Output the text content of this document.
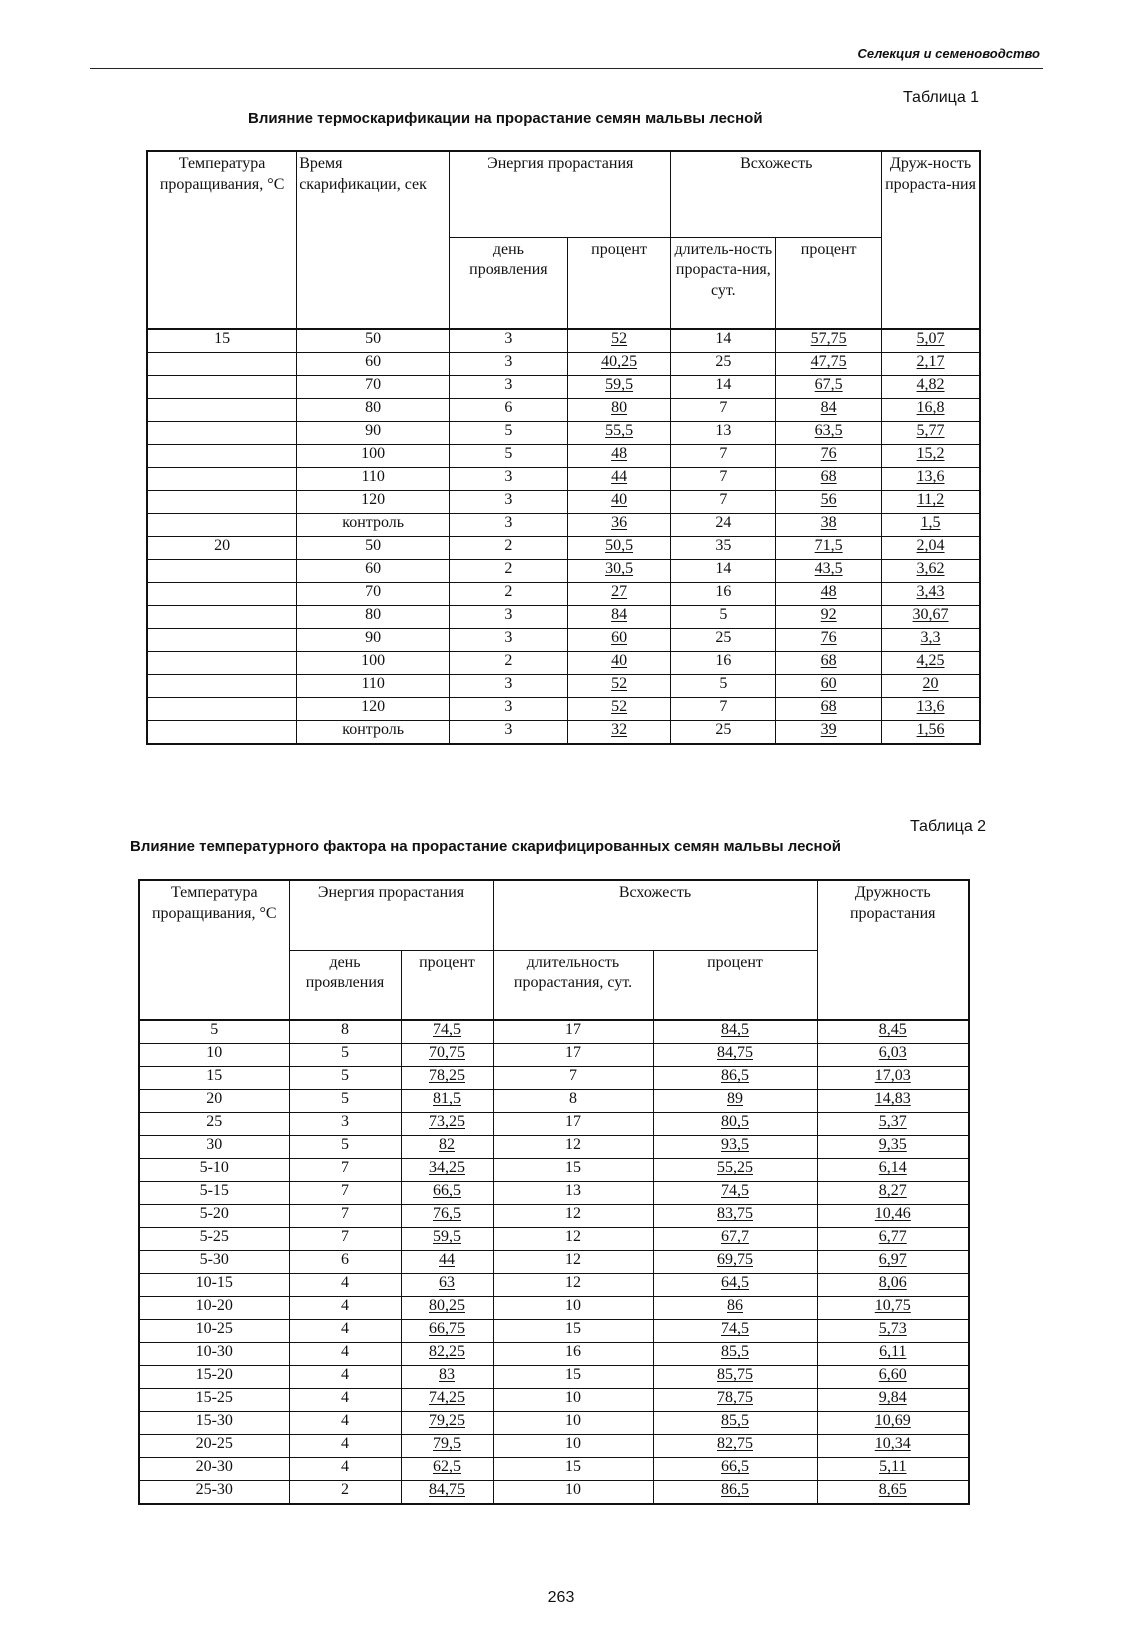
Селекция и семеноводство
Таблица 1
Влияние термоскарификации на прорастание семян мальвы лесной
Температура проращивания, °С	Время скарификации, сек	Энергия прорастания		Всхожесть		Друж-ность прораста-ния
		день проявления	процент	длитель-ность прораста-ния, сут.	процент	
15	50	3	52	14	57,75	5,07
	60	3	40,25	25	47,75	2,17
	70	3	59,5	14	67,5	4,82
	80	6	80	7	84	16,8
	90	5	55,5	13	63,5	5,77
	100	5	48	7	76	15,2
	110	3	44	7	68	13,6
	120	3	40	7	56	11,2
	контроль	3	36	24	38	1,5
20	50	2	50,5	35	71,5	2,04
	60	2	30,5	14	43,5	3,62
	70	2	27	16	48	3,43
	80	3	84	5	92	30,67
	90	3	60	25	76	3,3
	100	2	40	16	68	4,25
	110	3	52	5	60	20
	120	3	52	7	68	13,6
	контроль	3	32	25	39	1,56
Таблица 2
Влияние температурного фактора на прорастание скарифицированных семян мальвы лесной
Температура проращивания, °С	Энергия прорастания		Всхожесть		Дружность прорастания
	день проявления	процент	длительность прорастания, сут.	процент	
5	8	74,5	17	84,5	8,45
10	5	70,75	17	84,75	6,03
15	5	78,25	7	86,5	17,03
20	5	81,5	8	89	14,83
25	3	73,25	17	80,5	5,37
30	5	82	12	93,5	9,35
5-10	7	34,25	15	55,25	6,14
5-15	7	66,5	13	74,5	8,27
5-20	7	76,5	12	83,75	10,46
5-25	7	59,5	12	67,7	6,77
5-30	6	44	12	69,75	6,97
10-15	4	63	12	64,5	8,06
10-20	4	80,25	10	86	10,75
10-25	4	66,75	15	74,5	5,73
10-30	4	82,25	16	85,5	6,11
15-20	4	83	15	85,75	6,60
15-25	4	74,25	10	78,75	9,84
15-30	4	79,25	10	85,5	10,69
20-25	4	79,5	10	82,75	10,34
20-30	4	62,5	15	66,5	5,11
25-30	2	84,75	10	86,5	8,65
263
